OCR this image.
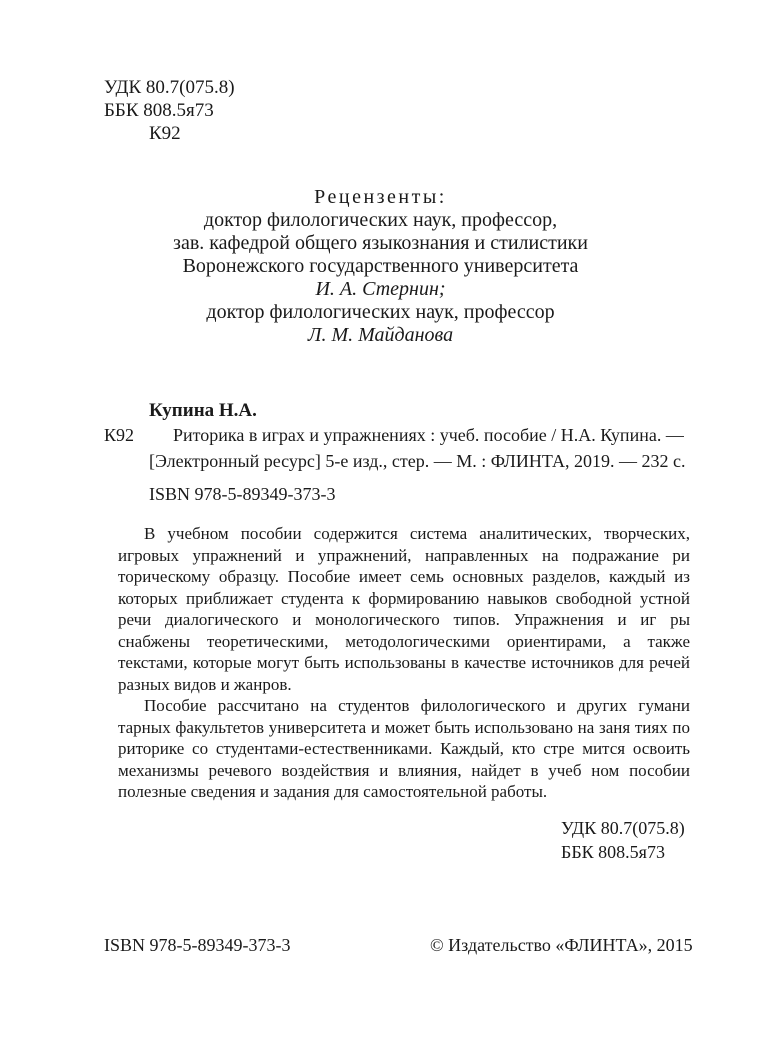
УДК 80.7(075.8)
ББК 808.5я73
К92
Рецензенты:
доктор филологических наук, профессор,
зав. кафедрой общего языкознания и стилистики
Воронежского государственного университета
И. А. Стернин;
доктор филологических наук, профессор
Л. М. Майданова
Купина Н.А.
К92 Риторика в играх и упражнениях : учеб. пособие / Н.А. Купина. —
[Электронный ресурс] 5-е изд., стер. — М. : ФЛИНТА, 2019. — 232 с.
ISBN 978-5-89349-373-3

В учебном пособии содержится система аналитических, творческих, игровых упражнений и упражнений, направленных на подражание ри торическому образцу. Пособие имеет семь основных разделов, каждый из которых приближает студента к формированию навыков свободной устной речи диалогического и монологического типов. Упражнения и иг ры снабжены теоретическими, методологическими ориентирами, а также текстами, которые могут быть использованы в качестве источников для речей разных видов и жанров.

Пособие рассчитано на студентов филологического и других гумани тарных факультетов университета и может быть использовано на заня тиях по риторике со студентами-естественниками. Каждый, кто стре мится освоить механизмы речевого воздействия и влияния, найдет в учеб ном пособии полезные сведения и задания для самостоятельной работы.

УДК 80.7(075.8)
ББК 808.5я73
ISBN 978-5-89349-373-3	© Издательство «ФЛИНТА», 2015
